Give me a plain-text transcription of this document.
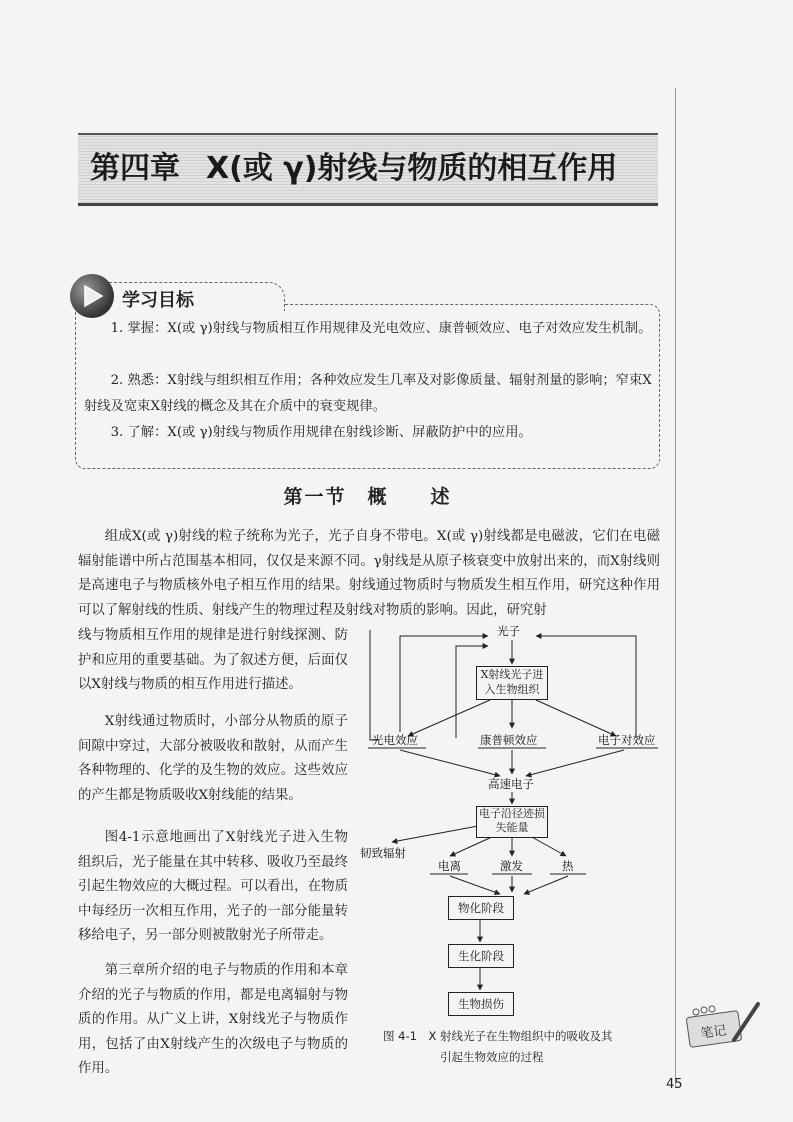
第四章 X(或 γ)射线与物质的相互作用
学习目标

1. 掌握：X(或 γ)射线与物质相互作用规律及光电效应、康普顿效应、电子对效应发生机制。

2. 熟悉：X射线与组织相互作用；各种效应发生几率及对影像质量、辐射剂量的影响；窄束X射线及宽束X射线的概念及其在介质中的衰变规律。

3. 了解：X(或 γ)射线与物质作用规律在射线诊断、屏蔽防护中的应用。

第一节　概　　述

组成X(或 γ)射线的粒子统称为光子，光子自身不带电。X(或 γ)射线都是电磁波，它们在电磁辐射能谱中所占范围基本相同，仅仅是来源不同。γ射线是从原子核衰变中放射出来的，而X射线则是高速电子与物质核外电子相互作用的结果。射线通过物质时与物质发生相互作用，研究这种作用可以了解射线的性质、射线产生的物理过程及射线对物质的影响。因此，研究射

线与物质相互作用的规律是进行射线探测、防护和应用的重要基础。为了叙述方便，后面仅以X射线与物质的相互作用进行描述。

X射线通过物质时，小部分从物质的原子间隙中穿过，大部分被吸收和散射，从而产生各种物理的、化学的及生物的效应。这些效应的产生都是物质吸收X射线能的结果。

图4-1示意地画出了X射线光子进入生物组织后，光子能量在其中转移、吸收乃至最终引起生物效应的大概过程。可以看出，在物质中每经历一次相互作用，光子的一部分能量转移给电子，另一部分则被散射光子所带走。

第三章所介绍的电子与物质的作用和本章介绍的光子与物质的作用，都是电离辐射与物质的作用。从广义上讲，X射线光子与物质作用，包括了由X射线产生的次级电子与物质的作用。

光子
X射线光子进入生物组织
光电效应	康普顿效应	电子对效应
高速电子
电子沿径迹损失能量
韧致辐射
电离	激发	热
物化阶段
生化阶段
生物损伤

图 4-1　X 射线光子在生物组织中的吸收及其

引起生物效应的过程

笔记
45
